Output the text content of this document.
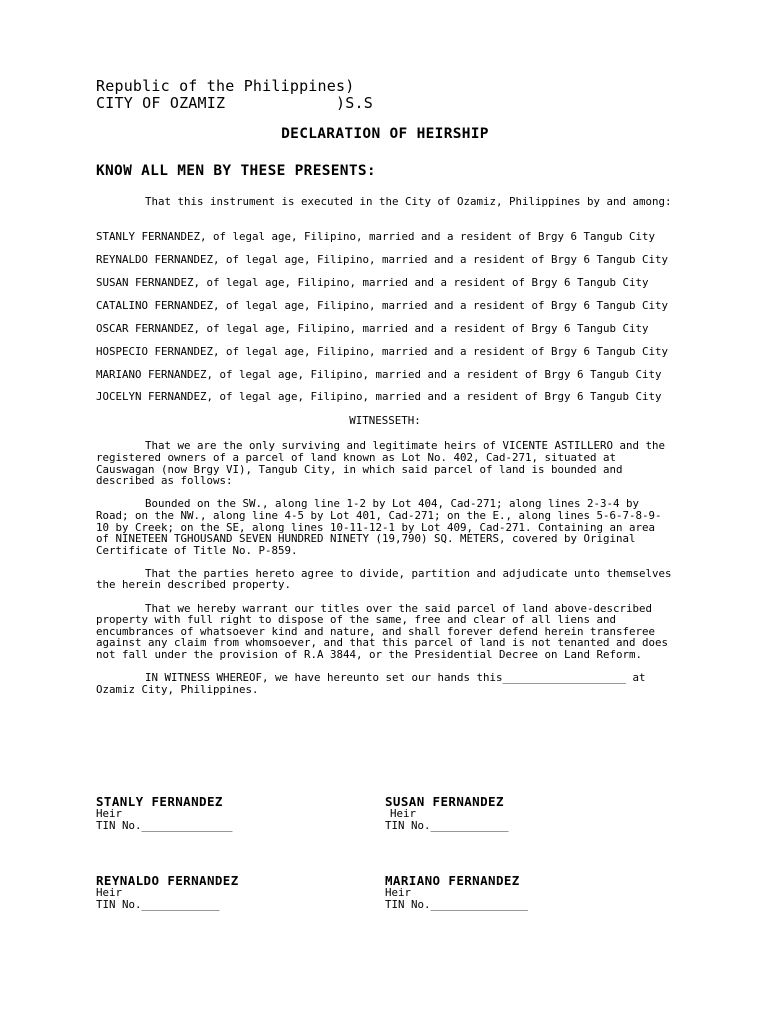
Republic of the Philippines)
CITY OF OZAMIZ            )S.S
DECLARATION OF HEIRSHIP
KNOW ALL MEN BY THESE PRESENTS:

That this instrument is executed in the City of Ozamiz, Philippines by and among:

STANLY FERNANDEZ, of legal age, Filipino, married and a resident of Brgy 6 Tangub City
REYNALDO FERNANDEZ, of legal age, Filipino, married and a resident of Brgy 6 Tangub City
SUSAN FERNANDEZ, of legal age, Filipino, married and a resident of Brgy 6 Tangub City
CATALINO FERNANDEZ, of legal age, Filipino, married and a resident of Brgy 6 Tangub City
OSCAR FERNANDEZ, of legal age, Filipino, married and a resident of Brgy 6 Tangub City
HOSPECIO FERNANDEZ, of legal age, Filipino, married and a resident of Brgy 6 Tangub City
MARIANO FERNANDEZ, of legal age, Filipino, married and a resident of Brgy 6 Tangub City
JOCELYN FERNANDEZ, of legal age, Filipino, married and a resident of Brgy 6 Tangub City
WITNESSETH:

That we are the only surviving and legitimate heirs of VICENTE ASTILLERO and the registered owners of a parcel of land known as Lot No. 402, Cad-271, situated at Causwagan (now Brgy VI), Tangub City, in which said parcel of land is bounded and described as follows:

Bounded on the SW., along line 1-2 by Lot 404, Cad-271; along lines 2-3-4 by Road; on the NW., along line 4-5 by Lot 401, Cad-271; on the E., along lines 5-6-7-8-9-10 by Creek; on the SE, along lines 10-11-12-1 by Lot 409, Cad-271. Containing an area of NINETEEN TGHOUSAND SEVEN HUNDRED NINETY (19,790) SQ. METERS, covered by Original Certificate of Title No. P-859.

That the parties hereto agree to divide, partition and adjudicate unto themselves the herein described property.

That we hereby warrant our titles over the said parcel of land above-described property with full right to dispose of the same, free and clear of all liens and encumbrances of whatsoever kind and nature, and shall forever defend herein transferee against any claim from whomsoever, and that this parcel of land is not tenanted and does not fall under the provision of R.A 3844, or the Presidential Decree on Land Reform.

IN WITNESS WHEREOF, we have hereunto set our hands this___________________ at Ozamiz City, Philippines.

STANLY FERNANDEZ
Heir
TIN No.______________
SUSAN FERNANDEZ
Heir
TIN No.____________
REYNALDO FERNANDEZ
Heir
TIN No.____________
MARIANO FERNANDEZ
Heir
TIN No._______________
